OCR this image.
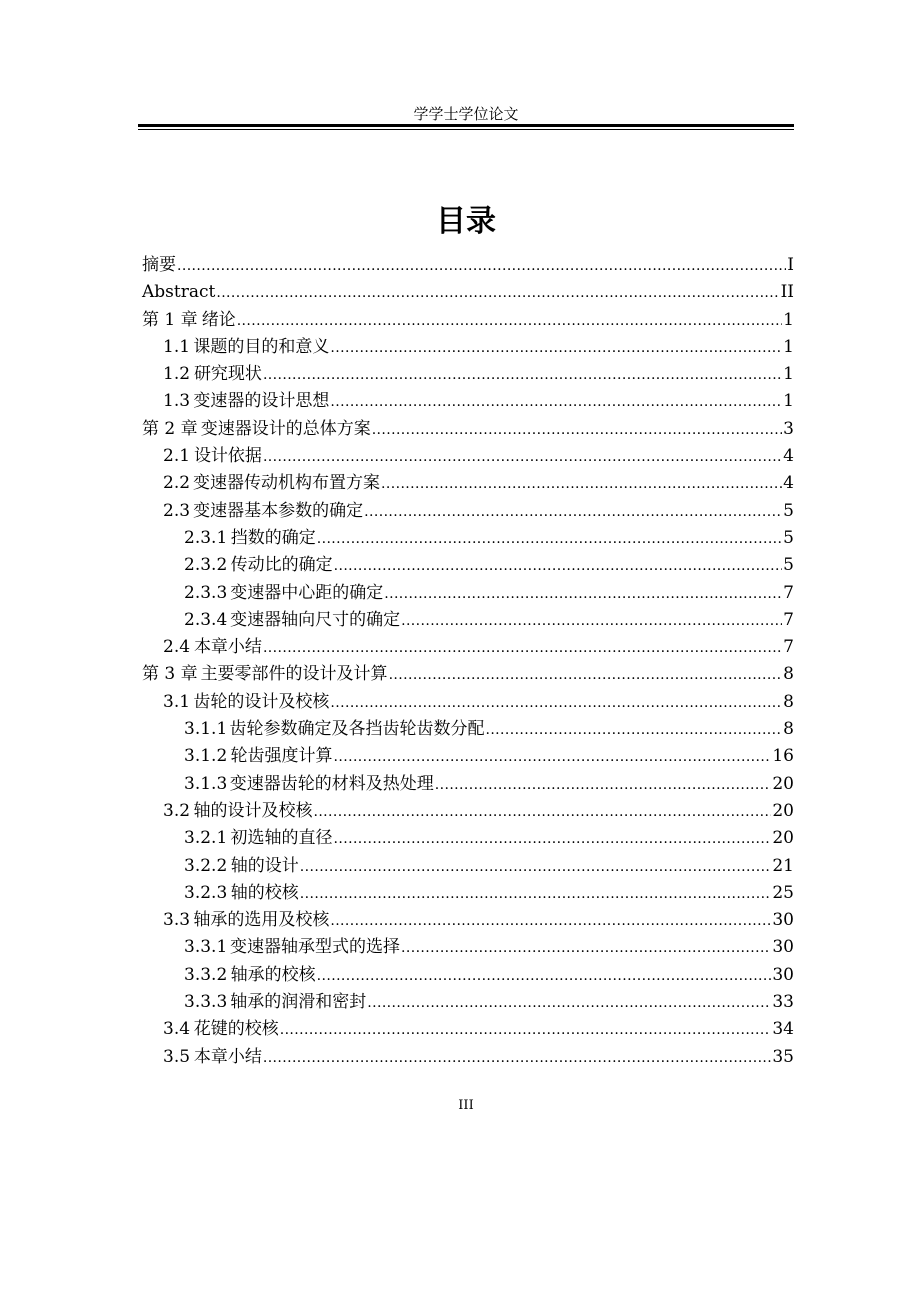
学学士学位论文
目录
摘要 .....	I
Abstract .....	II
第 1 章 绪论 .....	1
1.1 课题的目的和意义 .....	1
1.2 研究现状 .....	1
1.3 变速器的设计思想 .....	1
第 2 章 变速器设计的总体方案 .....	3
2.1 设计依据 .....	4
2.2 变速器传动机构布置方案 .....	4
2.3 变速器基本参数的确定 .....	5
2.3.1 挡数的确定 .....	5
2.3.2 传动比的确定 .....	5
2.3.3 变速器中心距的确定 .....	7
2.3.4 变速器轴向尺寸的确定 .....	7
2.4 本章小结 .....	7
第 3 章 主要零部件的设计及计算 .....	8
3.1 齿轮的设计及校核 .....	8
3.1.1 齿轮参数确定及各挡齿轮齿数分配 .....	8
3.1.2 轮齿强度计算 .....	16
3.1.3 变速器齿轮的材料及热处理 .....	20
3.2 轴的设计及校核 .....	20
3.2.1 初选轴的直径 .....	20
3.2.2 轴的设计 .....	21
3.2.3 轴的校核 .....	25
3.3 轴承的选用及校核 .....	30
3.3.1 变速器轴承型式的选择 .....	30
3.3.2 轴承的校核 .....	30
3.3.3 轴承的润滑和密封 .....	33
3.4 花键的校核 .....	34
3.5 本章小结 .....	35
III
